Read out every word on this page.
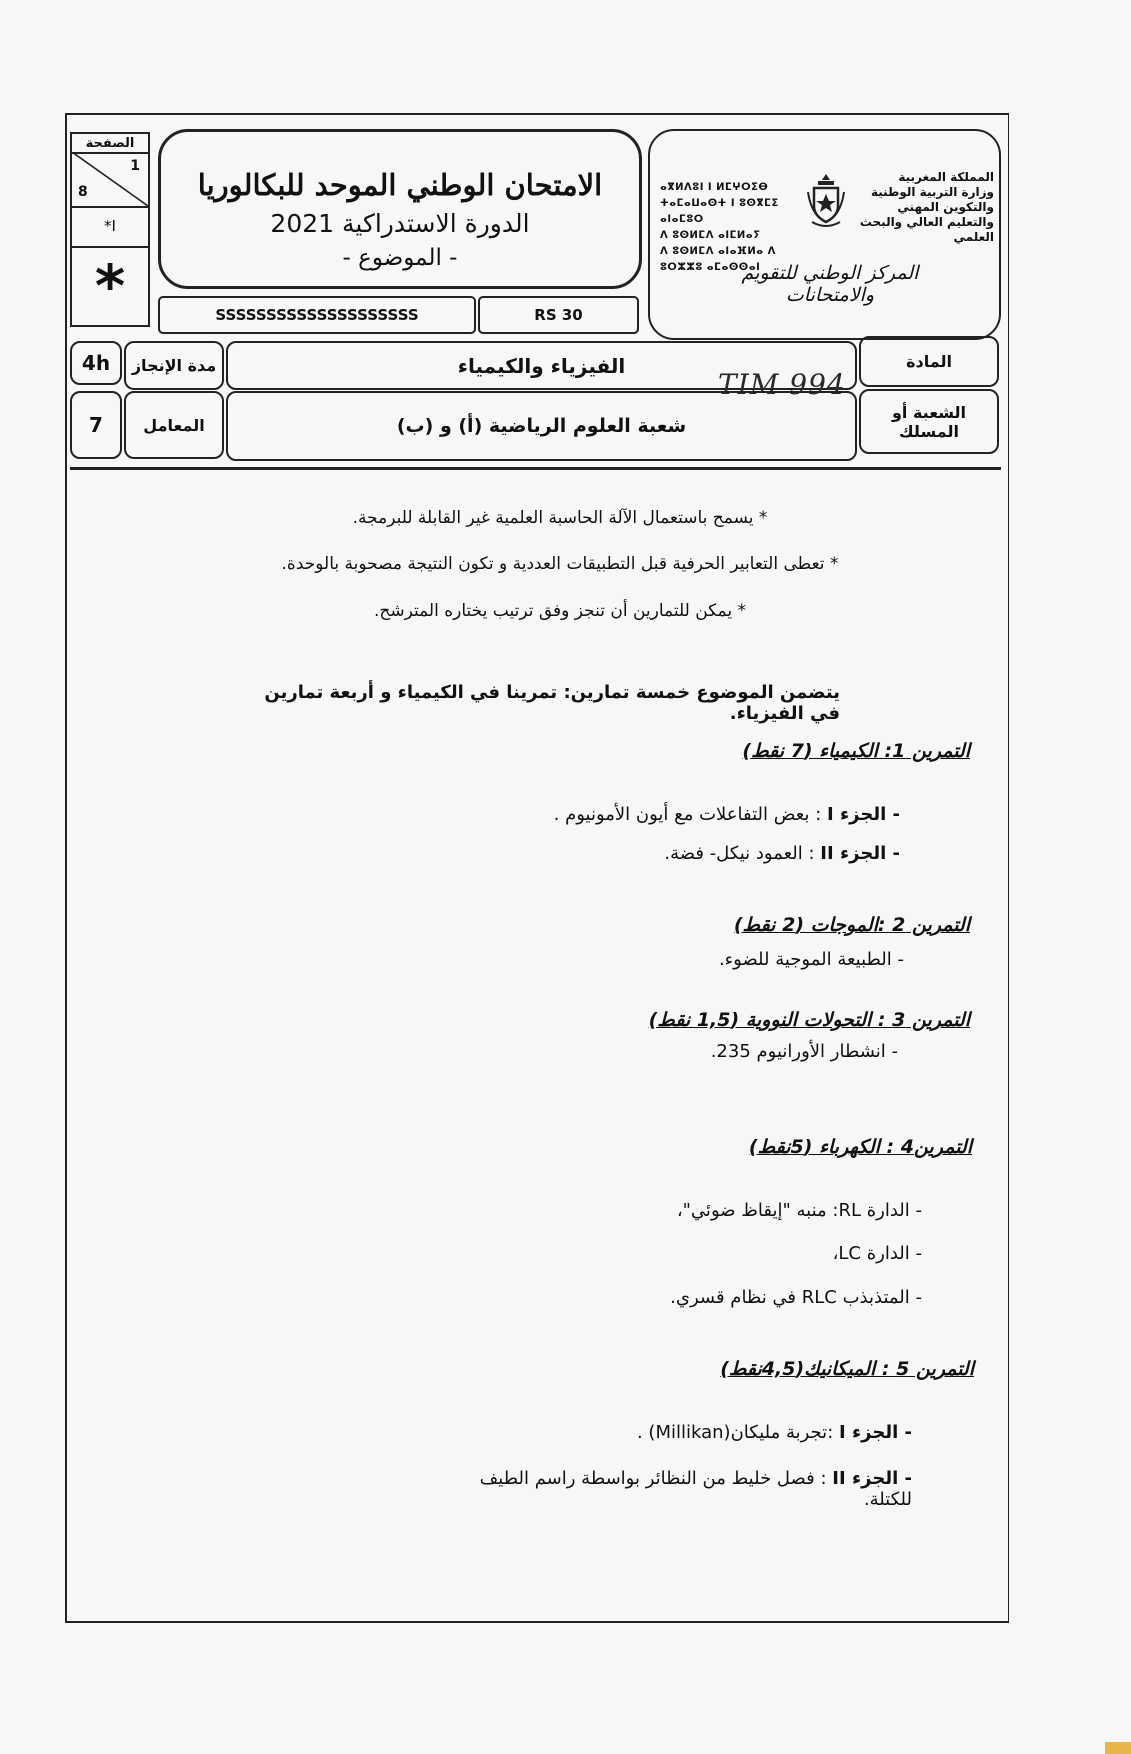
الصفحة
1
8
*I
*
الامتحان الوطني الموحد للبكالوريا
الدورة الاستدراكية 2021
- الموضوع -
SSSSSSSSSSSSSSSSSSSS	RS 30
ⴰⴳⵍⴷⵓⵏ ⵏ ⵍⵎⵖⵔⵉⴱ
ⵜⴰⵎⴰⵡⴰⵙⵜ ⵏ ⵓⵙⴳⵎⵉ ⴰⵏⴰⵎⵓⵔ
ⴷ ⵓⵙⵍⵎⴷ ⴰⵏⵎⵍⴰⵢ
ⴷ ⵓⵙⵍⵎⴷ ⴰⵏⴰⴼⵍⴰ ⴷ ⵓⵔⵣⵣⵓ ⴰⵎⴰⵙⵙⴰⵏ
المملكة المغربية
وزارة التربية الوطنية
والتكوين المهني
والتعليم العالي والبحث العلمي
المركز الوطني للتقويم والامتحانات
4h	مدة الإنجاز	الفيزياء والكيمياء
TIM 994
المادة
7	المعامل	شعبة العلوم الرياضية (أ) و (ب)
الشعبة أو المسلك
* يسمح باستعمال الآلة الحاسبة العلمية غير القابلة للبرمجة.
* تعطى التعابير الحرفية قبل التطبيقات العددية و تكون النتيجة مصحوبة بالوحدة.
* يمكن للتمارين أن تنجز وفق ترتيب يختاره المترشح.
يتضمن الموضوع خمسة تمارين: تمرينا في الكيمياء و أربعة تمارين في الفيزياء.
التمرين 1: الكيمياء (7 نقط)
- الجزء I : بعض التفاعلات مع أيون الأمونيوم .
- الجزء II : العمود نيكل- فضة.
التمرين 2 :الموجات (2 نقط)
- الطبيعة الموجية للضوء.
التمرين 3 : التحولات النووية (1,5 نقط)
- انشطار الأورانيوم 235.
التمرين4 : الكهرباء (5نقط)
- الدارة RL: منبه "إيقاظ ضوئي"،
- الدارة LC،
- المتذبذب RLC في نظام قسري.
التمرين 5 : الميكانيك(4,5نقط)
- الجزء I :تجربة مليكان(Millikan) .
- الجزء II : فصل خليط من النظائر بواسطة راسم الطيف للكتلة.
